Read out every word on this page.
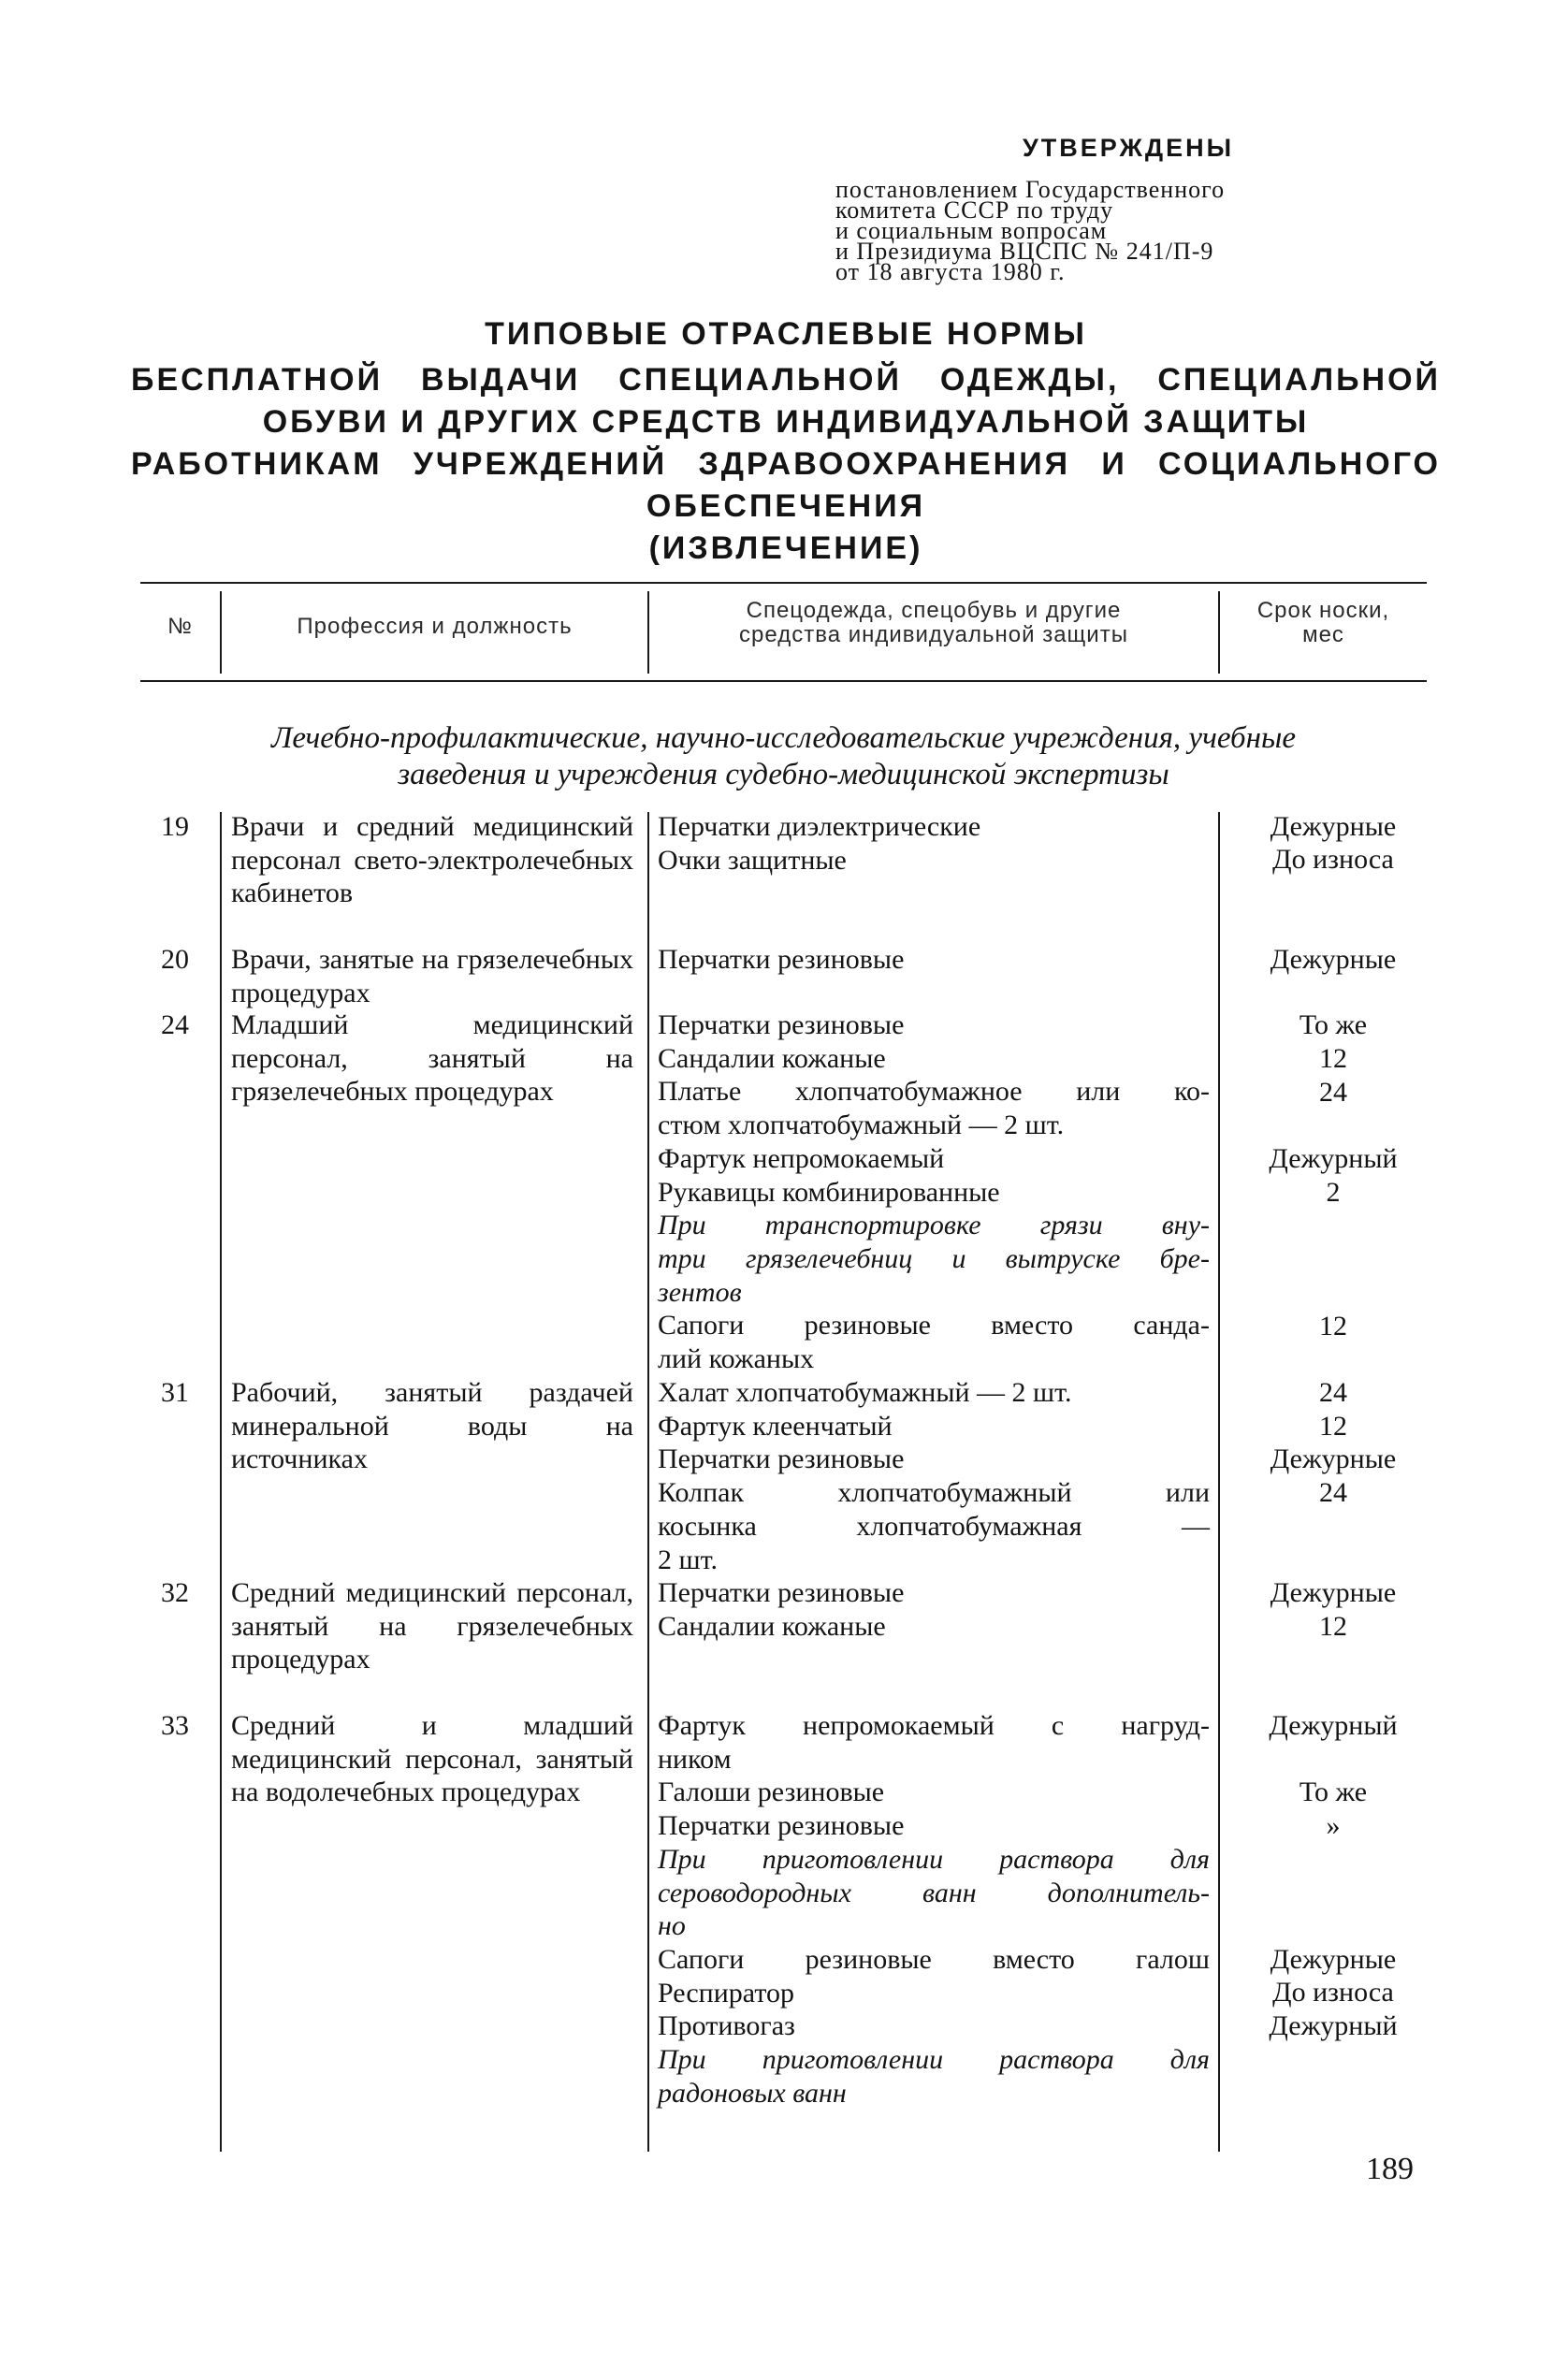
УТВЕРЖДЕНЫ
постановлением Государственного
комитета СССР по труду
и социальным вопросам
и Президиума ВЦСПС № 241/П-9
от 18 августа 1980 г.
ТИПОВЫЕ ОТРАСЛЕВЫЕ НОРМЫ
БЕСПЛАТНОЙ ВЫДАЧИ СПЕЦИАЛЬНОЙ ОДЕЖДЫ, СПЕЦИАЛЬНОЙ
ОБУВИ И ДРУГИХ СРЕДСТВ ИНДИВИДУАЛЬНОЙ ЗАЩИТЫ
РАБОТНИКАМ УЧРЕЖДЕНИЙ ЗДРАВООХРАНЕНИЯ И СОЦИАЛЬНОГО
ОБЕСПЕЧЕНИЯ
(ИЗВЛЕЧЕНИЕ)
№	Профессия и должность
Спецодежда, спецобувь и другие
средства индивидуальной защиты
Срок носки,
мес
Лечебно-профилактические, научно-исследовательские учреждения, учебные
заведения и учреждения судебно-медицинской экспертизы
19 Врачи и средний медицинский персонал свето-электролечебных кабинетов
Перчатки диэлектрические
Очки защитные
Дежурные
До износа
20 Врачи, занятые на грязелечебных процедурах
Перчатки резиновые	Дежурные
24 Младший медицинский персонал, занятый на грязелечебных процедурах
Перчатки резиновые
Сандалии кожаные
Платье хлопчатобумажное или ко-
стюм хлопчатобумажный — 2 шт.
Фартук непромокаемый
Рукавицы комбинированные
При транспортировке грязи вну-
три грязелечебниц и вытруске бре-
зентов
Сапоги резиновые вместо санда-
лий кожаных
То же
12
24
Дежурный
2
12
31 Рабочий, занятый раздачей минеральной воды на источниках
Халат хлопчатобумажный — 2 шт.
Фартук клеенчатый
Перчатки резиновые
Колпак хлопчатобумажный или
косынка хлопчатобумажная —
2 шт.
24
12
Дежурные
24
32 Средний медицинский персонал, занятый на грязелечебных процедурах
Перчатки резиновые
Сандалии кожаные
Дежурные
12
33 Средний и младший медицинский персонал, занятый на водолечебных процедурах
Фартук непромокаемый с нагруд-
ником
Галоши резиновые
Перчатки резиновые
При приготовлении раствора для
сероводородных ванн дополнитель-
но
Сапоги резиновые вместо галош
Респиратор
Противогаз
При приготовлении раствора для
радоновых ванн
Дежурный
То же
»
Дежурные
До износа
Дежурный
189
